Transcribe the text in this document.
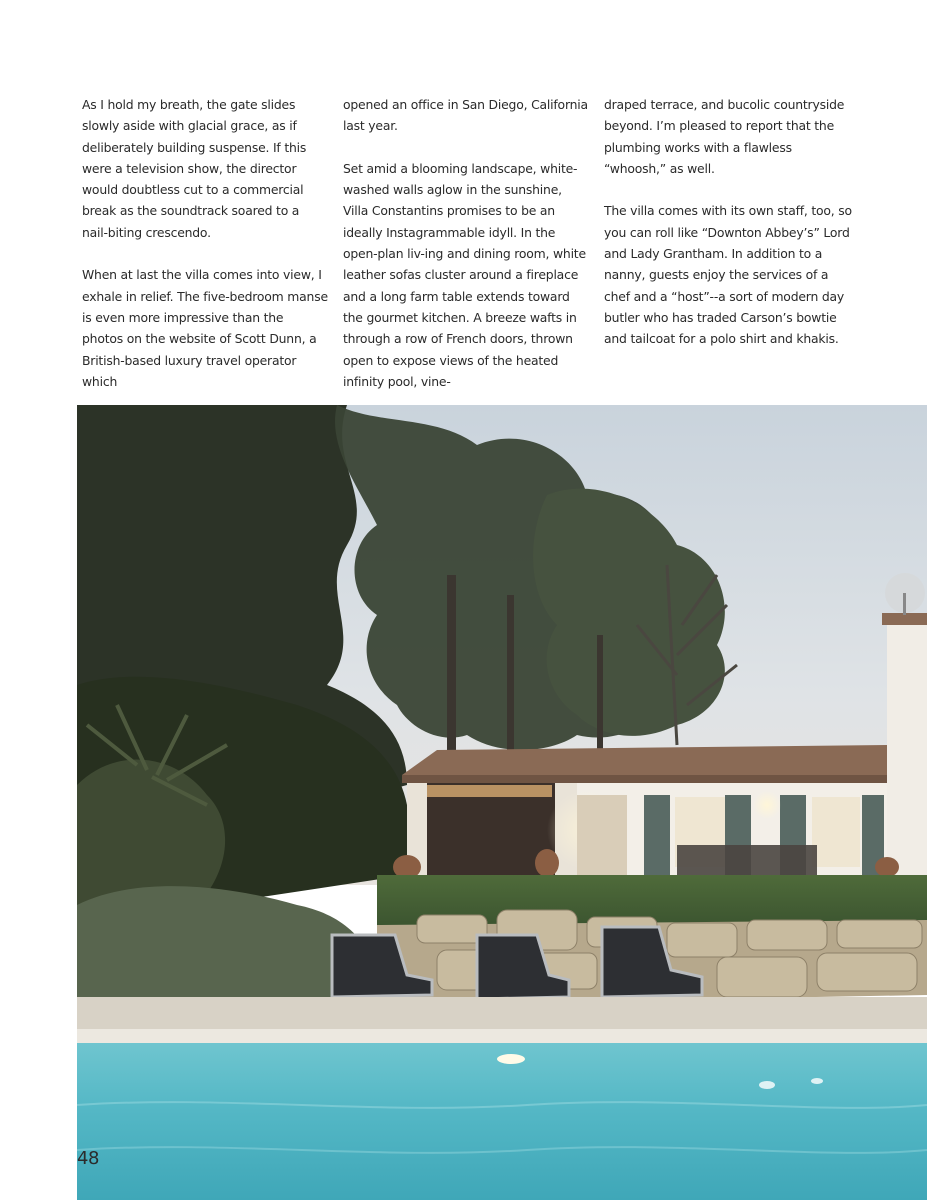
As I hold my breath, the gate slides slowly aside with glacial grace, as if deliberately building suspense. If this were a television show, the director would doubtless cut to a commercial break as the soundtrack soared to a nail-biting crescendo.

When at last the villa comes into view, I exhale in relief. The five-bedroom manse is even more impressive than the photos on the website of Scott Dunn, a British-based luxury travel operator which

opened an office in San Diego, California last year.

Set amid a blooming landscape, white-washed walls aglow in the sunshine, Villa Constantins promises to be an ideally Instagrammable idyll. In the open-plan liv-ing and dining room, white leather sofas cluster around a fireplace and a long farm table extends toward the gourmet kitchen. A breeze wafts in through a row of French doors, thrown open to expose views of the heated infinity pool, vine-

draped terrace, and bucolic countryside beyond. I’m pleased to report that the plumbing works with a flawless “whoosh,” as well.

The villa comes with its own staff, too, so you can roll like “Downton Abbey’s” Lord and Lady Grantham. In addition to a nanny, guests enjoy the services of a chef and a “host”--a sort of modern day butler who has traded Carson’s bowtie and tailcoat for a polo shirt and khakis.

48
